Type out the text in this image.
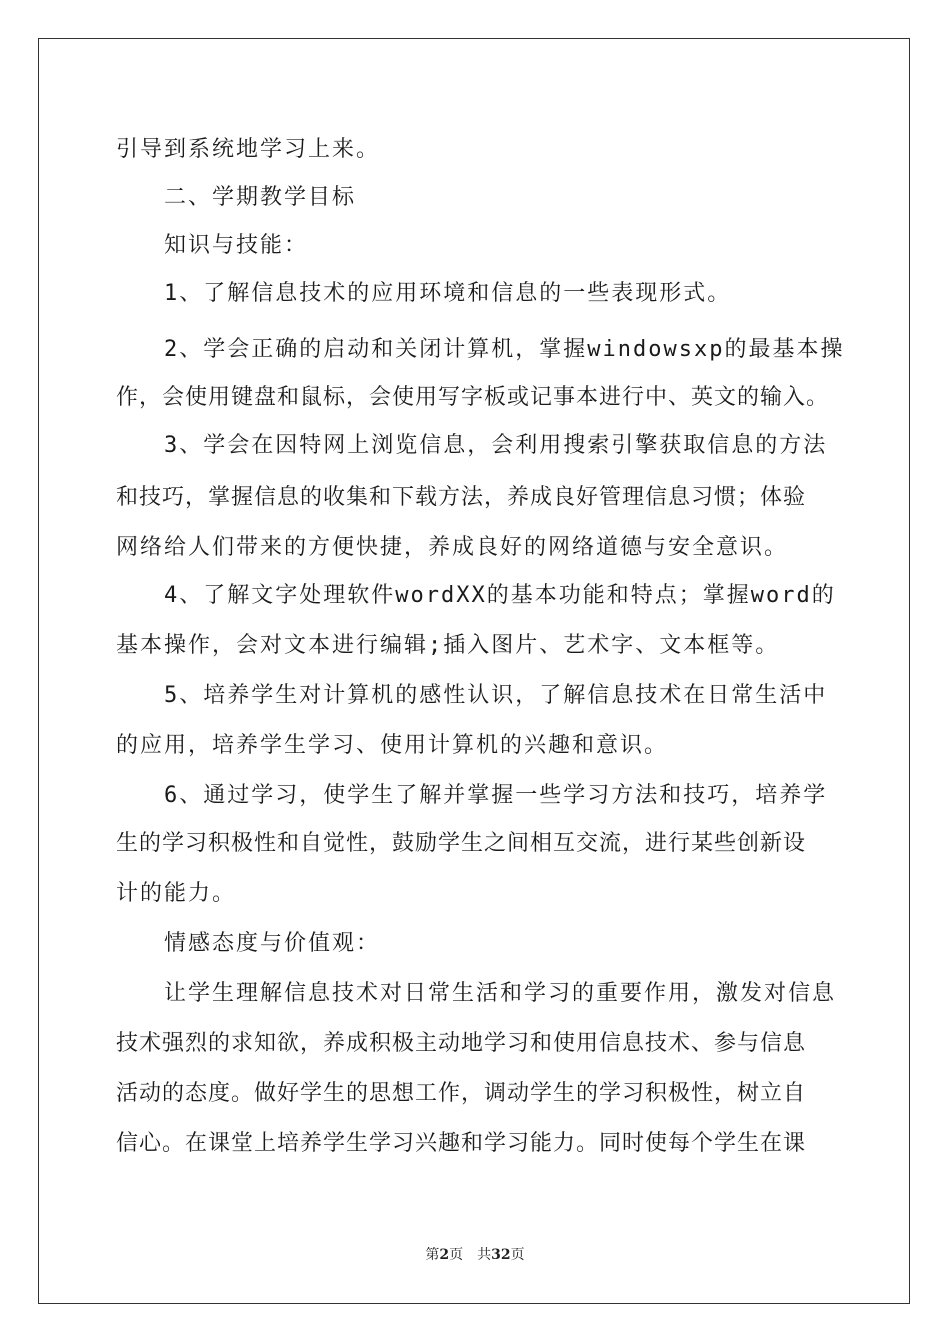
引导到系统地学习上来。
二、学期教学目标
知识与技能：
1、了解信息技术的应用环境和信息的一些表现形式。
2、学会正确的启动和关闭计算机，掌握windowsxp的最基本操
作，会使用键盘和鼠标，会使用写字板或记事本进行中、英文的输入。
3、学会在因特网上浏览信息，会利用搜索引擎获取信息的方法
和技巧，掌握信息的收集和下载方法，养成良好管理信息习惯；体验
网络给人们带来的方便快捷，养成良好的网络道德与安全意识。
4、了解文字处理软件wordXX的基本功能和特点；掌握word的
基本操作，会对文本进行编辑;插入图片、艺术字、文本框等。
5、培养学生对计算机的感性认识，了解信息技术在日常生活中
的应用，培养学生学习、使用计算机的兴趣和意识。
6、通过学习，使学生了解并掌握一些学习方法和技巧，培养学
生的学习积极性和自觉性，鼓励学生之间相互交流，进行某些创新设
计的能力。
情感态度与价值观：
让学生理解信息技术对日常生活和学习的重要作用，激发对信息
技术强烈的求知欲，养成积极主动地学习和使用信息技术、参与信息
活动的态度。做好学生的思想工作，调动学生的学习积极性，树立自
信心。在课堂上培养学生学习兴趣和学习能力。同时使每个学生在课
第2页　共32页
